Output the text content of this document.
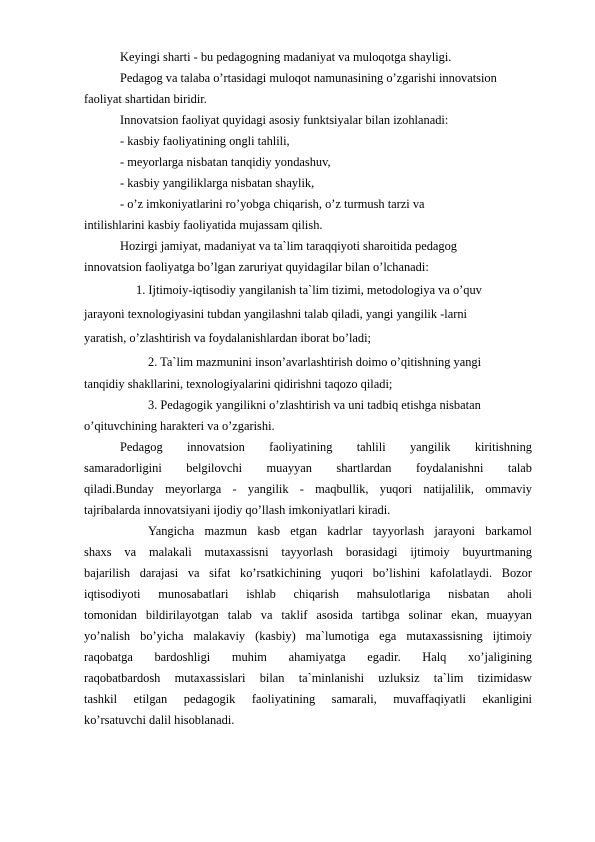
Keyingi sharti - bu pedagogning madaniyat va muloqotga shayligi.
Pedagog va talaba o’rtasidagi muloqot namunasining o’zgarishi innovatsion
faoliyat shartidan biridir.
Innovatsion faoliyat quyidagi asosiy funktsiyalar bilan izohlanadi:
- kasbiy faoliyatining ongli tahlili,
- meyorlarga nisbatan tanqidiy yondashuv,
- kasbiy yangiliklarga nisbatan shaylik,
- o’z imkoniyatlarini ro’yobga chiqarish, o’z turmush tarzi va
intilishlarini kasbiy faoliyatida mujassam qilish.
Hozirgi jamiyat, madaniyat va ta`lim taraqqiyoti sharoitida pedagog
innovatsion faoliyatga bo’lgan zaruriyat quyidagilar bilan o’lchanadi:
1. Ijtimoiy-iqtisodiy yangilanish ta`lim tizimi, metodologiya va o’quv
jarayoni texnologiyasini tubdan yangilashni talab qiladi, yangi yangilik -larni
yaratish, o’zlashtirish va foydalanishlardan iborat bo’ladi;
2. Ta`lim mazmunini inson’avarlashtirish doimo o’qitishning yangi
tanqidiy shakllarini, texnologiyalarini qidirishni taqozo qiladi;
3. Pedagogik yangilikni o’zlashtirish va uni tadbiq etishga nisbatan
o’qituvchining harakteri va o’zgarishi.
Pedagog innovatsion faoliyatining tahlili yangilik kiritishning
samaradorligini belgilovchi muayyan shartlardan foydalanishni talab
qiladi.Bunday meyorlarga - yangilik - maqbullik, yuqori natijalilik, ommaviy
tajribalarda innovatsiyani ijodiy qo’llash imkoniyatlari kiradi.
Yangicha mazmun kasb etgan kadrlar tayyorlash jarayoni barkamol
shaxs va malakali mutaxassisni tayyorlash borasidagi ijtimoiy buyurtmaning
bajarilish darajasi va sifat ko’rsatkichining yuqori bo’lishini kafolatlaydi. Bozor
iqtisodiyoti munosabatlari ishlab chiqarish mahsulotlariga nisbatan aholi
tomonidan bildirilayotgan talab va taklif asosida tartibga solinar ekan, muayyan
yo’nalish bo’yicha malakaviy (kasbiy) ma`lumotiga ega mutaxassisning ijtimoiy
raqobatga bardoshligi muhim ahamiyatga egadir. Halq xo’jaligining
raqobatbardosh mutaxassislari bilan ta`minlanishi uzluksiz ta`lim tizimidasw
tashkil etilgan pedagogik faoliyatining samarali, muvaffaqiyatli ekanligini
ko’rsatuvchi dalil hisoblanadi.
